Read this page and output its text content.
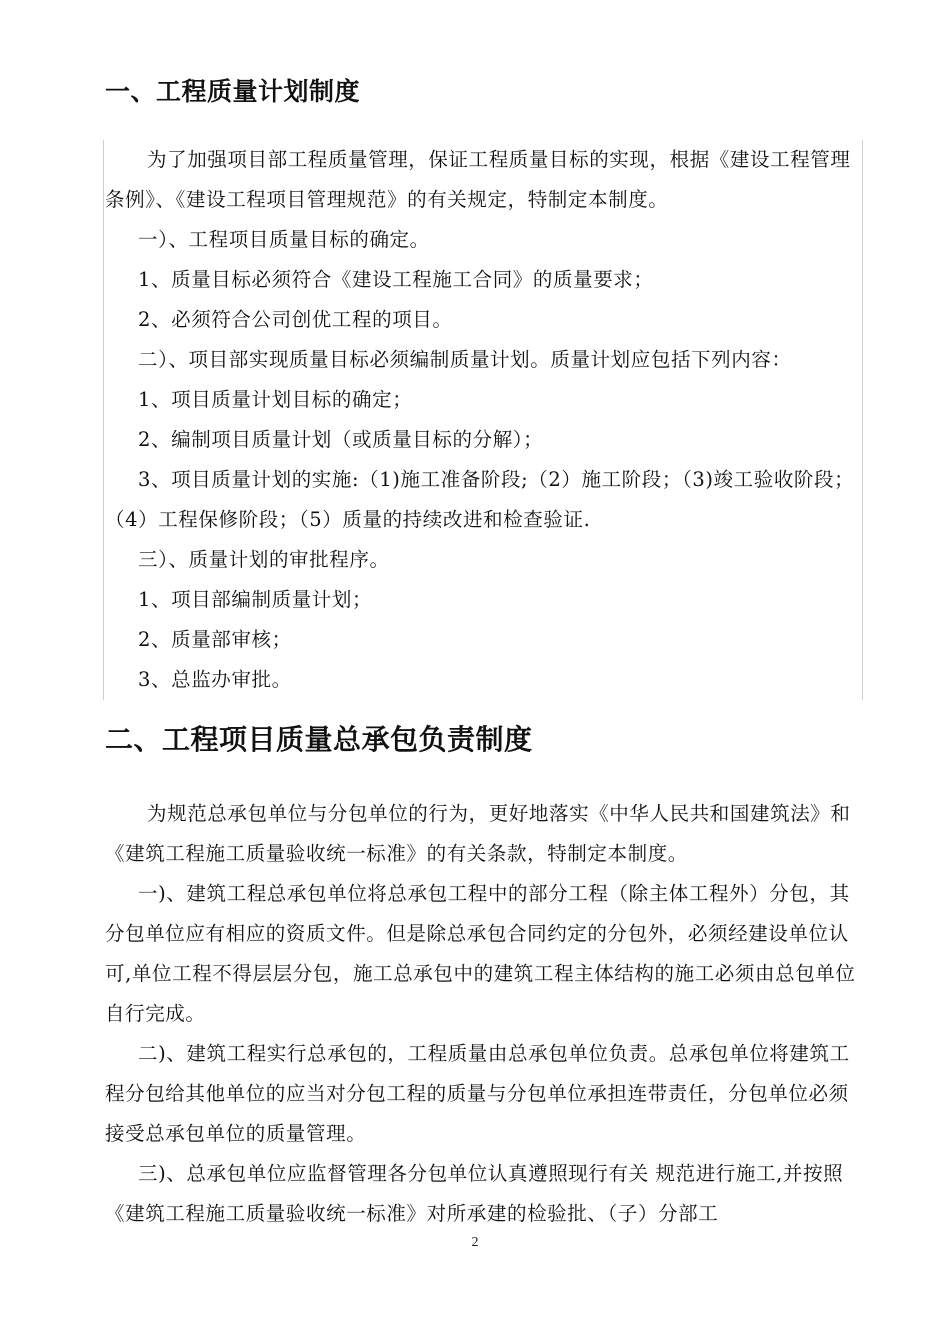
一、工程质量计划制度

为了加强项目部工程质量管理，保证工程质量目标的实现，根据《建设工程管理条例》、《建设工程项目管理规范》的有关规定，特制定本制度。

一）、工程项目质量目标的确定。

1、质量目标必须符合《建设工程施工合同》的质量要求；

2、必须符合公司创优工程的项目。

二）、项目部实现质量目标必须编制质量计划。质量计划应包括下列内容：

1、项目质量计划目标的确定；

2、编制项目质量计划（或质量目标的分解）；

3、项目质量计划的实施:（1)施工准备阶段;（2）施工阶段；（3)竣工验收阶段；（4）工程保修阶段；（5）质量的持续改进和检查验证.

三）、质量计划的审批程序。

1、项目部编制质量计划；

2、质量部审核；

3、总监办审批。

二、工程项目质量总承包负责制度

为规范总承包单位与分包单位的行为，更好地落实《中华人民共和国建筑法》和《建筑工程施工质量验收统一标准》的有关条款，特制定本制度。

一)、建筑工程总承包单位将总承包工程中的部分工程（除主体工程外）分包，其分包单位应有相应的资质文件。但是除总承包合同约定的分包外，必须经建设单位认可,单位工程不得层层分包，施工总承包中的建筑工程主体结构的施工必须由总包单位自行完成。

二)、建筑工程实行总承包的，工程质量由总承包单位负责。总承包单位将建筑工程分包给其他单位的应当对分包工程的质量与分包单位承担连带责任，分包单位必须接受总承包单位的质量管理。

三)、总承包单位应监督管理各分包单位认真遵照现行有关 规范进行施工,并按照《建筑工程施工质量验收统一标准》对所承建的检验批、（子）分部工

2
